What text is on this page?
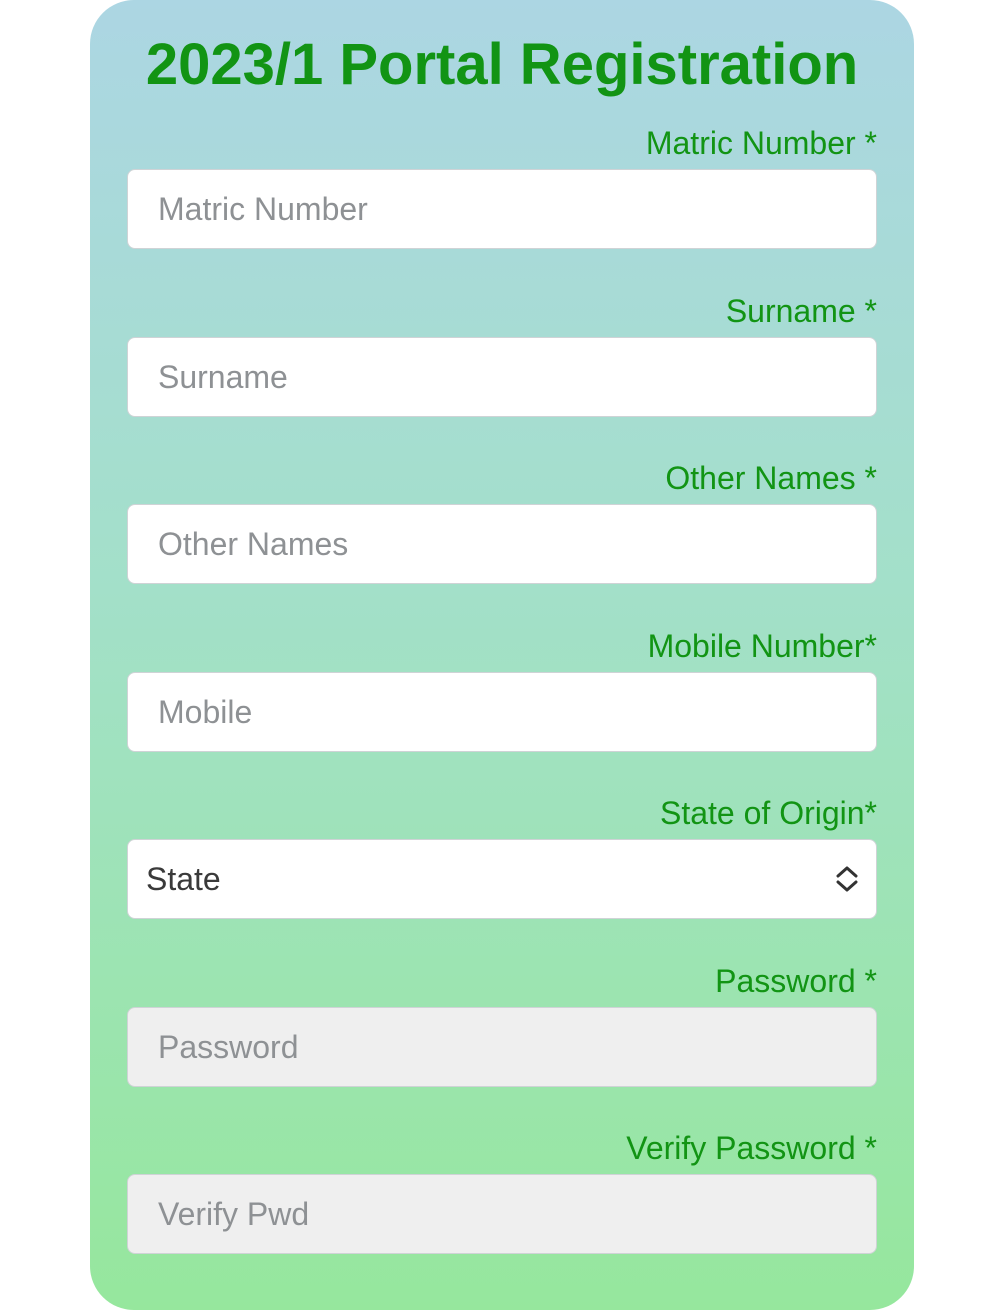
2023/1 Portal Registration
Matric Number *
Matric Number
Surname *
Surname
Other Names *
Other Names
Mobile Number*
Mobile
State of Origin*
State
Password *
Verify Password *
